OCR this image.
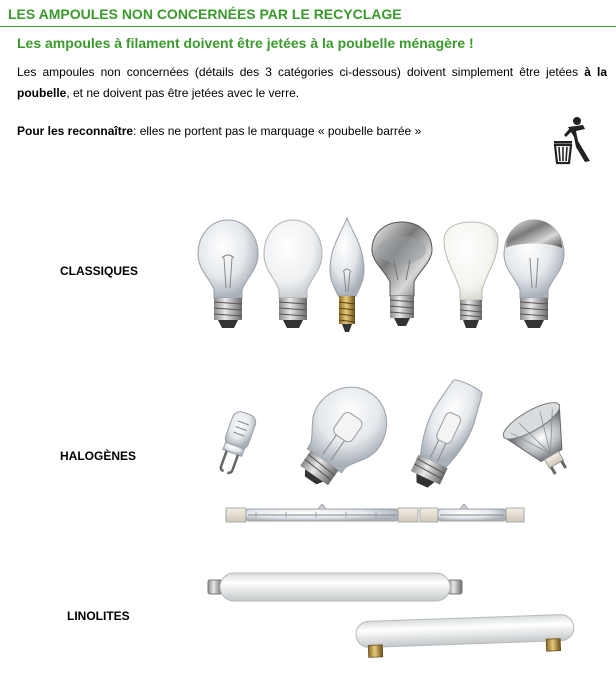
LES AMPOULES NON CONCERNÉES PAR LE RECYCLAGE

Les ampoules à filament doivent être jetées à la poubelle ménagère !

Les ampoules non concernées (détails des 3 catégories ci-dessous) doivent simplement être jetées à la poubelle, et ne doivent pas être jetées avec le verre.

Pour les reconnaître: elles ne portent pas le marquage « poubelle barrée »

CLASSIQUES
HALOGÈNES
LINOLITES
